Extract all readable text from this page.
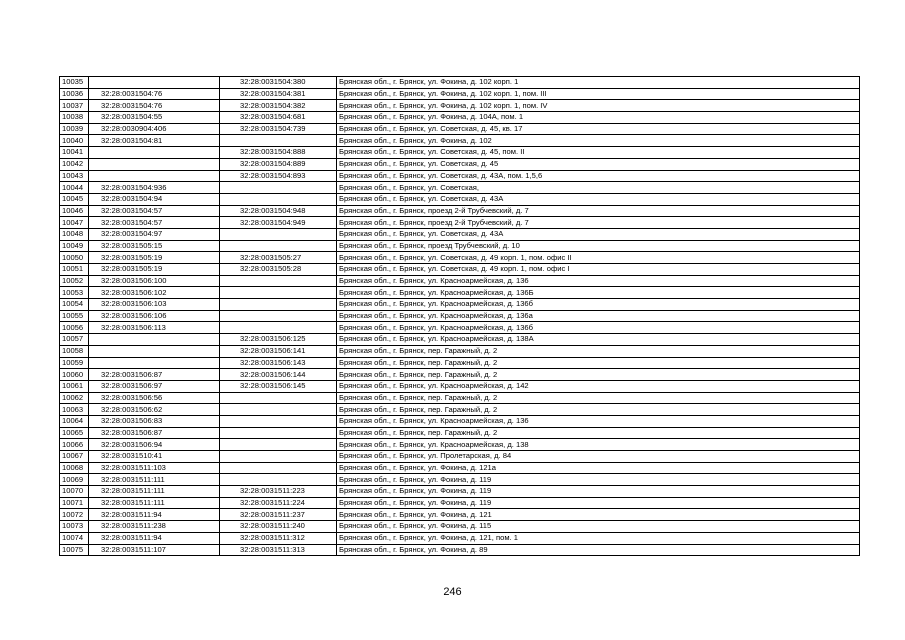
10035		32:28:0031504:380	Брянская обл., г. Брянск, ул. Фокина, д. 102 корп. 1
10036	32:28:0031504:76	32:28:0031504:381	Брянская обл., г. Брянск, ул. Фокина, д. 102 корп. 1, пом. III
10037	32:28:0031504:76	32:28:0031504:382	Брянская обл., г. Брянск, ул. Фокина, д. 102 корп. 1, пом. IV
10038	32:28:0031504:55	32:28:0031504:681	Брянская обл., г. Брянск, ул. Фокина, д. 104А, пом. 1
10039	32:28:0030904:406	32:28:0031504:739	Брянская обл., г. Брянск, ул. Советская, д. 45, кв. 17
10040	32:28:0031504:81		Брянская обл., г. Брянск, ул. Фокина, д. 102
10041		32:28:0031504:888	Брянская обл., г. Брянск, ул. Советская, д. 45, пом. II
10042		32:28:0031504:889	Брянская обл., г. Брянск, ул. Советская, д. 45
10043		32:28:0031504:893	Брянская обл., г. Брянск, ул. Советская, д. 43А, пом. 1,5,6
10044	32:28:0031504:936		Брянская обл., г. Брянск, ул. Советская,
10045	32:28:0031504:94		Брянская обл., г. Брянск, ул. Советская, д. 43А
10046	32:28:0031504:57	32:28:0031504:948	Брянская обл., г. Брянск, проезд 2-й Трубчевский, д. 7
10047	32:28:0031504:57	32:28:0031504:949	Брянская обл., г. Брянск, проезд 2-й Трубчевский, д. 7
10048	32:28:0031504:97		Брянская обл., г. Брянск, ул. Советская, д. 43А
10049	32:28:0031505:15		Брянская обл., г. Брянск, проезд Трубчевский, д. 10
10050	32:28:0031505:19	32:28:0031505:27	Брянская обл., г. Брянск, ул. Советская, д. 49 корп. 1, пом. офис II
10051	32:28:0031505:19	32:28:0031505:28	Брянская обл., г. Брянск, ул. Советская, д. 49 корп. 1, пом. офис I
10052	32:28:0031506:100		Брянская обл., г. Брянск, ул. Красноармейская, д. 136
10053	32:28:0031506:102		Брянская обл., г. Брянск, ул. Красноармейская, д. 136Б
10054	32:28:0031506:103		Брянская обл., г. Брянск, ул. Красноармейская, д. 136б
10055	32:28:0031506:106		Брянская обл., г. Брянск, ул. Красноармейская, д. 136а
10056	32:28:0031506:113		Брянская обл., г. Брянск, ул. Красноармейская, д. 136б
10057		32:28:0031506:125	Брянская обл., г. Брянск, ул. Красноармейская, д. 138А
10058		32:28:0031506:141	Брянская обл., г. Брянск, пер. Гаражный, д. 2
10059		32:28:0031506:143	Брянская обл., г. Брянск, пер. Гаражный, д. 2
10060	32:28:0031506:87	32:28:0031506:144	Брянская обл., г. Брянск, пер. Гаражный, д. 2
10061	32:28:0031506:97	32:28:0031506:145	Брянская обл., г. Брянск, ул. Красноармейская, д. 142
10062	32:28:0031506:56		Брянская обл., г. Брянск, пер. Гаражный, д. 2
10063	32:28:0031506:62		Брянская обл., г. Брянск, пер. Гаражный, д. 2
10064	32:28:0031506:83		Брянская обл., г. Брянск, ул. Красноармейская, д. 136
10065	32:28:0031506:87		Брянская обл., г. Брянск, пер. Гаражный, д. 2
10066	32:28:0031506:94		Брянская обл., г. Брянск, ул. Красноармейская, д. 138
10067	32:28:0031510:41		Брянская обл., г. Брянск, ул. Пролетарская, д. 84
10068	32:28:0031511:103		Брянская обл., г. Брянск, ул. Фокина, д. 121а
10069	32:28:0031511:111		Брянская обл., г. Брянск, ул. Фокина, д. 119
10070	32:28:0031511:111	32:28:0031511:223	Брянская обл., г. Брянск, ул. Фокина, д. 119
10071	32:28:0031511:111	32:28:0031511:224	Брянская обл., г. Брянск, ул. Фокина, д. 119
10072	32:28:0031511:94	32:28:0031511:237	Брянская обл., г. Брянск, ул. Фокина, д. 121
10073	32:28:0031511:238	32:28:0031511:240	Брянская обл., г. Брянск, ул. Фокина, д. 115
10074	32:28:0031511:94	32:28:0031511:312	Брянская обл., г. Брянск, ул. Фокина, д. 121, пом. 1
10075	32:28:0031511:107	32:28:0031511:313	Брянская обл., г. Брянск, ул. Фокина, д. 89
246
